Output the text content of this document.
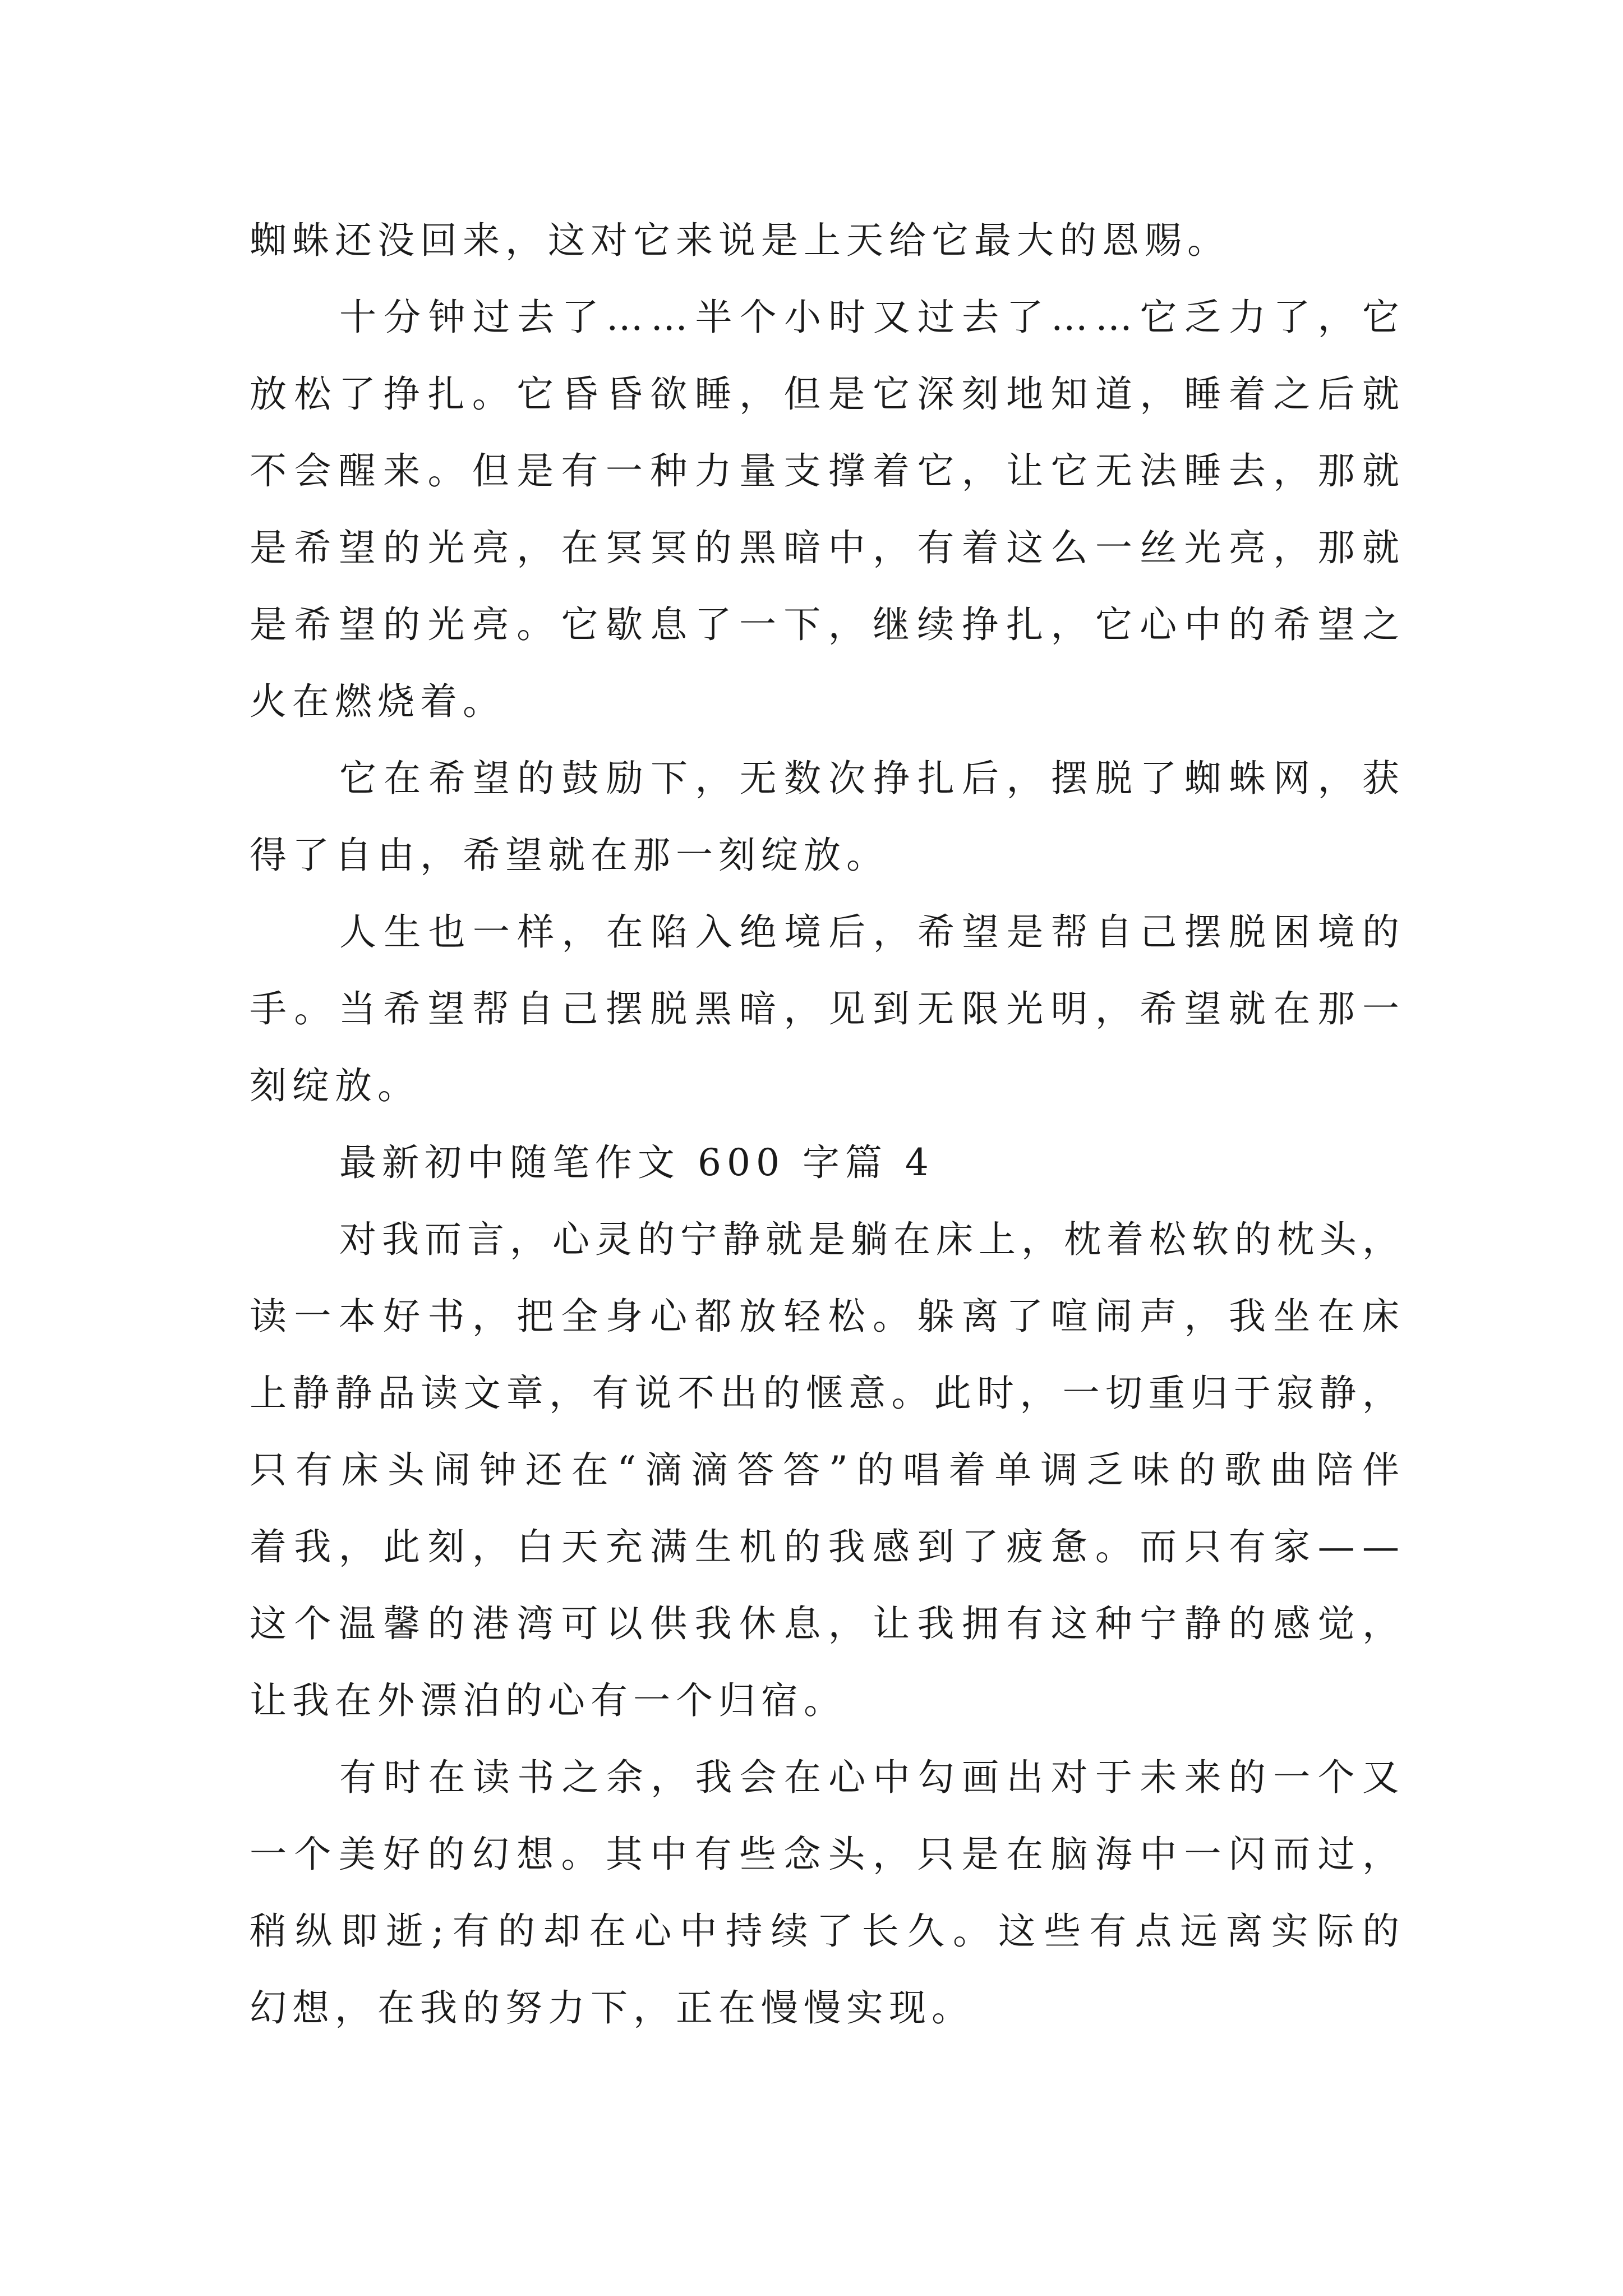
蜘蛛还没回来，这对它来说是上天给它最大的恩赐。
十 分 钟 过 去 了 … … 半 个 小 时 又 过 去 了 … … 它 乏 力 了 ， 它
放 松 了 挣 扎 。 它 昏 昏 欲 睡 ， 但 是 它 深 刻 地 知 道 ， 睡 着 之 后 就
不 会 醒 来 。 但 是 有 一 种 力 量 支 撑 着 它 ， 让 它 无 法 睡 去 ， 那 就
是 希 望 的 光 亮 ， 在 冥 冥 的 黑 暗 中 ， 有 着 这 么 一 丝 光 亮 ， 那 就
是 希 望 的 光 亮 。 它 歇 息 了 一 下 ， 继 续 挣 扎 ， 它 心 中 的 希 望 之
火在燃烧着。
它 在 希 望 的 鼓 励 下 ， 无 数 次 挣 扎 后 ， 摆 脱 了 蜘 蛛 网 ， 获
得了自由，希望就在那一刻绽放。
人 生 也 一 样 ， 在 陷 入 绝 境 后 ， 希 望 是 帮 自 己 摆 脱 困 境 的
手 。 当 希 望 帮 自 己 摆 脱 黑 暗 ， 见 到 无 限 光 明 ， 希 望 就 在 那 一
刻绽放。
最新初中随笔作文 600 字篇 4
对 我 而 言 ， 心 灵 的 宁 静 就 是 躺 在 床 上 ， 枕 着 松 软 的 枕 头 ，
读 一 本 好 书 ， 把 全 身 心 都 放 轻 松 。 躲 离 了 喧 闹 声 ， 我 坐 在 床
上 静 静 品 读 文 章 ， 有 说 不 出 的 惬 意 。 此 时 ， 一 切 重 归 于 寂 静 ，
只 有 床 头 闹 钟 还 在 “ 滴 滴 答 答 ” 的 唱 着 单 调 乏 味 的 歌 曲 陪 伴
着 我 ， 此 刻 ， 白 天 充 满 生 机 的 我 感 到 了 疲 惫 。 而 只 有 家 — —
这 个 温 馨 的 港 湾 可 以 供 我 休 息 ， 让 我 拥 有 这 种 宁 静 的 感 觉 ，
让我在外漂泊的心有一个归宿。
有 时 在 读 书 之 余 ， 我 会 在 心 中 勾 画 出 对 于 未 来 的 一 个 又
一 个 美 好 的 幻 想 。 其 中 有 些 念 头 ， 只 是 在 脑 海 中 一 闪 而 过 ，
稍 纵 即 逝 ; 有 的 却 在 心 中 持 续 了 长 久 。 这 些 有 点 远 离 实 际 的
幻想，在我的努力下，正在慢慢实现。
